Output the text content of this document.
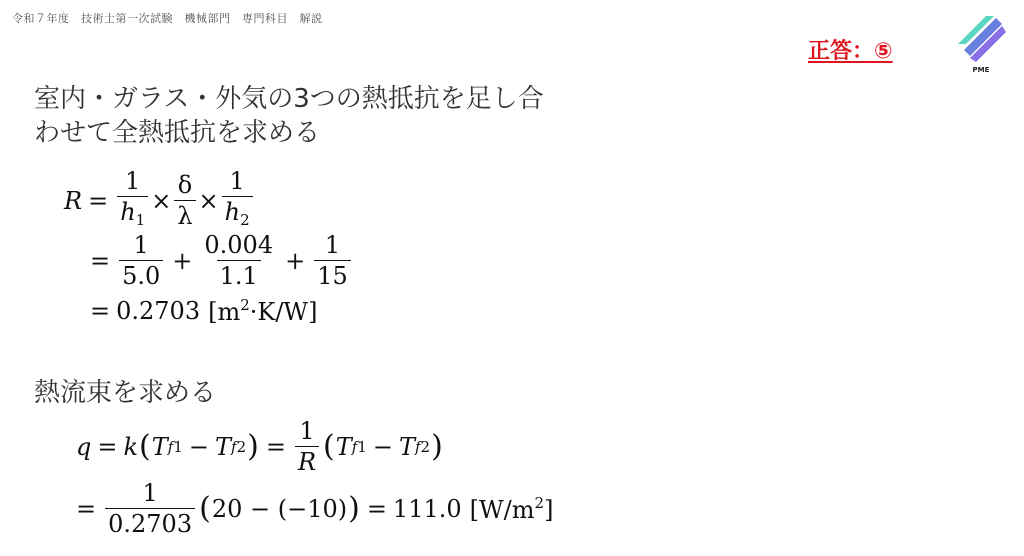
令和７年度　技術士第一次試験　機械部門　専門科目　解説
正答：⑤
PME
室内・ガラス・外気の3つの熱抵抗を足し合
わせて全熱抵抗を求める
$R = \frac{1}{h_1} \times \frac{\delta}{\lambda} \times \frac{1}{h_2}$
= $\frac{1}{5.0} + \frac{0.004}{1.1} + \frac{1}{15}$
= 0.2703 $[m^2\cdot K/W]$
熱流束を求める
q = k ( T f1 − T f2 ) = $\frac{1}{R}$ ( T f1 − T f2 )
= $\frac{1}{0.2703}$ ( 20 − (−10) ) = 111.0 $[W/m^2]$
